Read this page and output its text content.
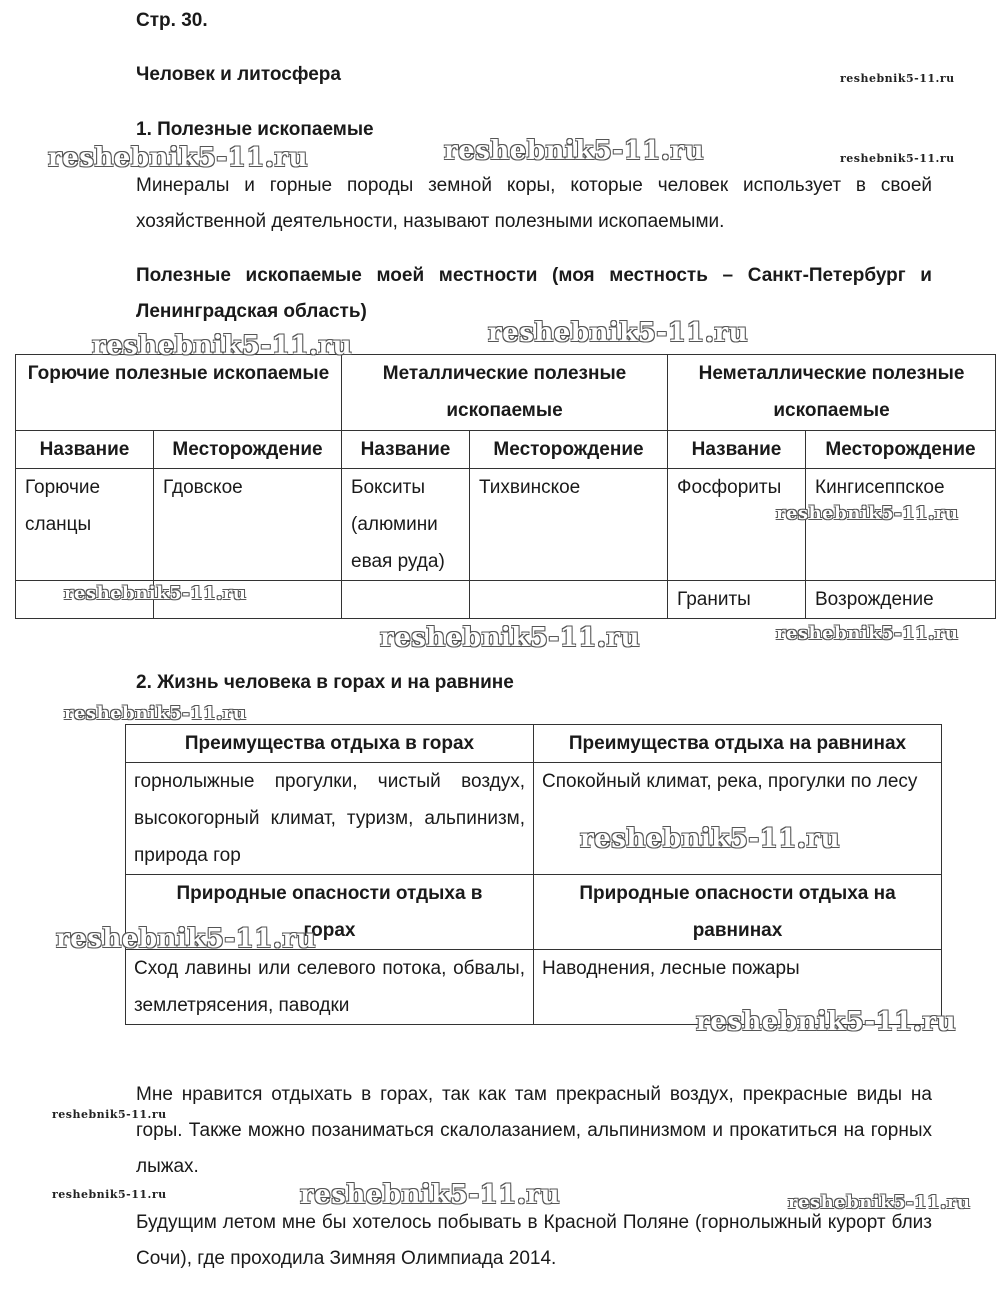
Стр. 30.
Человек и литосфера
1. Полезные ископаемые

Минералы и горные породы земной коры, которые человек использует в своей хозяйственной деятельности, называют полезными ископаемыми.

Полезные ископаемые моей местности (моя местность – Санкт-Петербург и Ленинградская область)

Горючие полезные ископаемые		Металлические полезные ископаемые		Неметаллические полезные ископаемые	
Название	Месторождение	Название	Месторождение	Название	Месторождение
Горючие сланцы	Гдовское	Бокситы (алюмини евая руда)	Тихвинское	Фосфориты	Кингисеппское
				Граниты	Возрождение
2. Жизнь человека в горах и на равнине
Преимущества отдыха в горах	Преимущества отдыха на равнинах
горнолыжные прогулки, чистый воздух, высокогорный климат, туризм, альпинизм, природа гор	Спокойный климат, река, прогулки по лесу
Природные опасности отдыха в горах	Природные опасности отдыха на равнинах
Сход лавины или селевого потока, обвалы, землетрясения, паводки	Наводнения, лесные пожары

Мне нравится отдыхать в горах, так как там прекрасный воздух, прекрасные виды на горы. Также можно позаниматься скалолазанием, альпинизмом и прокатиться на горных лыжах.

Будущим летом мне бы хотелось побывать в Красной Поляне (горнолыжный курорт близ Сочи), где проходила Зимняя Олимпиада 2014.

reshebnik5-11.ru
reshebnik5-11.ru	reshebnik5-11.ru	reshebnik5-11.ru
reshebnik5-11.ru
reshebnik5-11.ru
reshebnik5-11.ru
reshebnik5-11.ru
reshebnik5-11.ru	reshebnik5-11.ru
reshebnik5-11.ru
reshebnik5-11.ru
reshebnik5-11.ru
reshebnik5-11.ru
reshebnik5-11.ru
reshebnik5-11.ru	reshebnik5-11.ru	reshebnik5-11.ru
